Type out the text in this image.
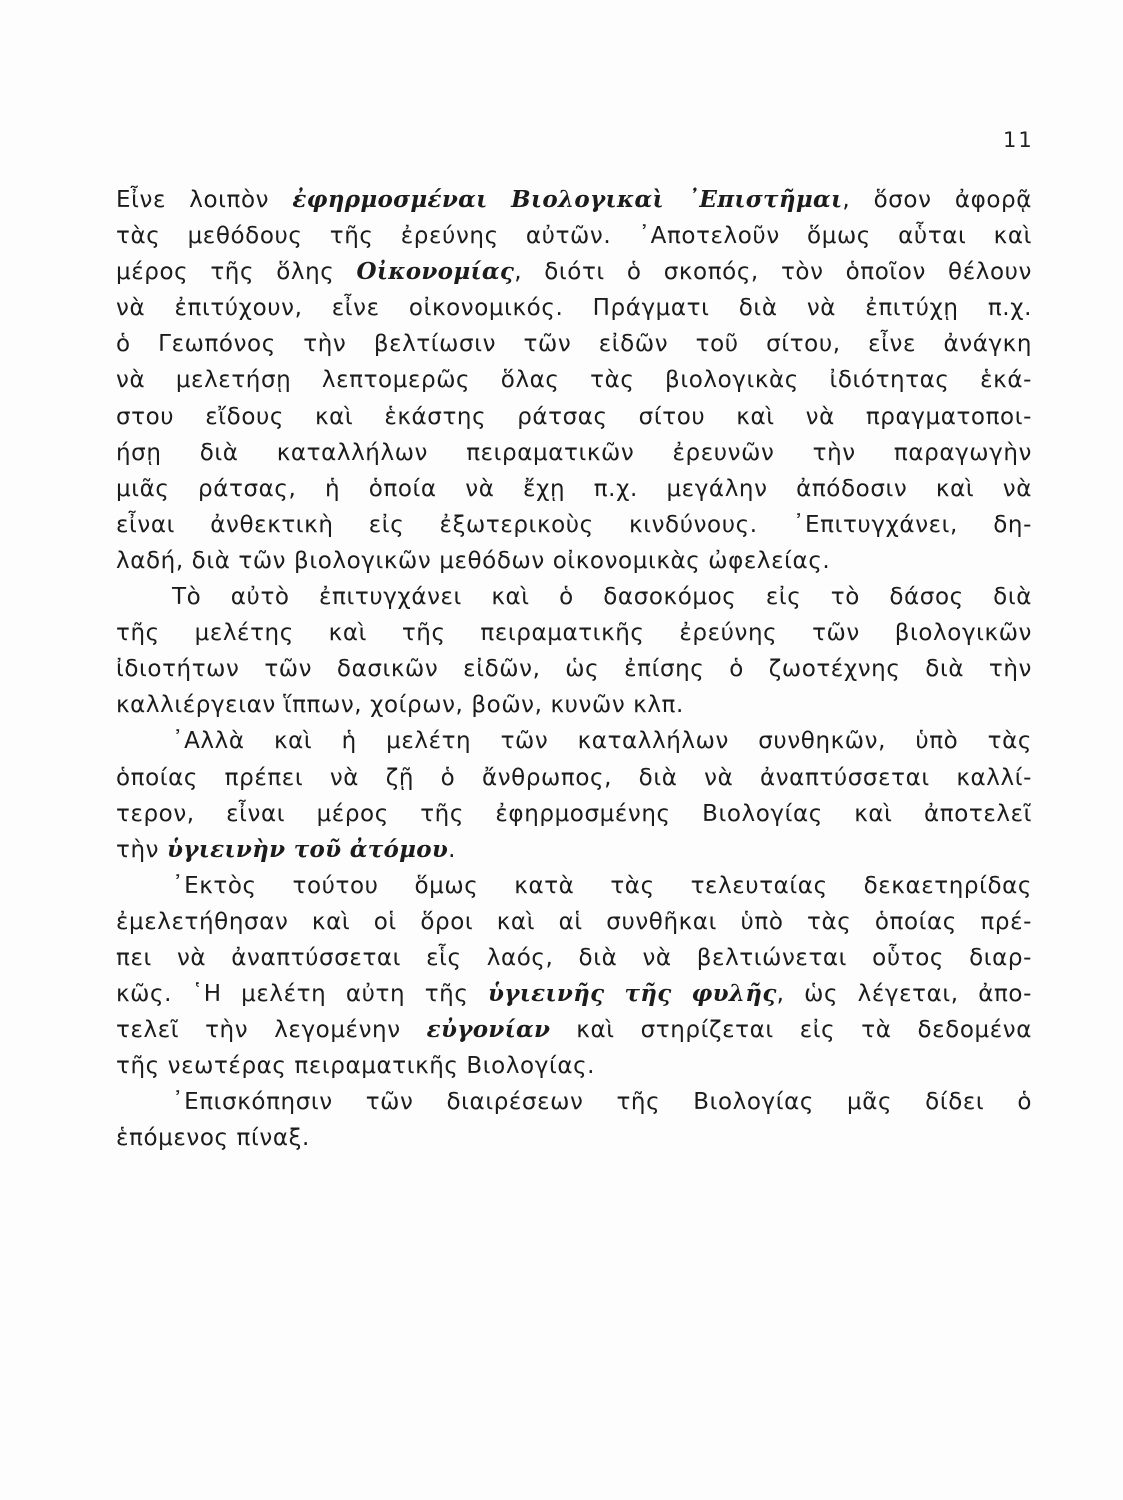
11
Εἶνε λοιπὸν ἐφηρμοσμέναι Βιολογικαὶ ᾿Επιστῆμαι, ὅσον ἀφορᾷ
τὰς μεθόδους τῆς ἐρεύνης αὐτῶν. ᾿Αποτελοῦν ὅμως αὗται καὶ
μέρος τῆς ὅλης Οἰκονομίας, διότι ὁ σκοπός, τὸν ὁποῖον θέλουν
νὰ ἐπιτύχουν, εἶνε οἰκονομικός. Πράγματι διὰ νὰ ἐπιτύχῃ π.χ.
ὁ Γεωπόνος τὴν βελτίωσιν τῶν εἰδῶν τοῦ σίτου, εἶνε ἀνάγκη
νὰ μελετήσῃ λεπτομερῶς ὅλας τὰς βιολογικὰς ἰδιότητας ἑκά-
στου εἴδους καὶ ἑκάστης ράτσας σίτου καὶ νὰ πραγματοποι-
ήσῃ διὰ καταλλήλων πειραματικῶν ἐρευνῶν τὴν παραγωγὴν
μιᾶς ράτσας, ἡ ὁποία νὰ ἔχῃ π.χ. μεγάλην ἀπόδοσιν καὶ νὰ
εἶναι ἀνθεκτικὴ εἰς ἐξωτερικοὺς κινδύνους. ᾿Επιτυγχάνει, δη-
λαδή, διὰ τῶν βιολογικῶν μεθόδων οἰκονομικὰς ὠφελείας.
Τὸ αὐτὸ ἐπιτυγχάνει καὶ ὁ δασοκόμος εἰς τὸ δάσος διὰ
τῆς μελέτης καὶ τῆς πειραματικῆς ἐρεύνης τῶν βιολογικῶν
ἰδιοτήτων τῶν δασικῶν εἰδῶν, ὡς ἐπίσης ὁ ζωοτέχνης διὰ τὴν
καλλιέργειαν ἵππων, χοίρων, βοῶν, κυνῶν κλπ.
᾿Αλλὰ καὶ ἡ μελέτη τῶν καταλλήλων συνθηκῶν, ὑπὸ τὰς
ὁποίας πρέπει νὰ ζῇ ὁ ἄνθρωπος, διὰ νὰ ἀναπτύσσεται καλλί-
τερον, εἶναι μέρος τῆς ἐφηρμοσμένης Βιολογίας καὶ ἀποτελεῖ
τὴν ὑγιεινὴν τοῦ ἀτόμου.
᾿Εκτὸς τούτου ὅμως κατὰ τὰς τελευταίας δεκαετηρίδας
ἐμελετήθησαν καὶ οἱ ὅροι καὶ αἱ συνθῆκαι ὑπὸ τὰς ὁποίας πρέ-
πει νὰ ἀναπτύσσεται εἷς λαός, διὰ νὰ βελτιώνεται οὗτος διαρ-
κῶς. ῾Η μελέτη αὐτη τῆς ὑγιεινῆς τῆς φυλῆς, ὡς λέγεται, ἀπο-
τελεῖ τὴν λεγομένην εὐγονίαν καὶ στηρίζεται εἰς τὰ δεδομένα
τῆς νεωτέρας πειραματικῆς Βιολογίας.
᾿Επισκόπησιν τῶν διαιρέσεων τῆς Βιολογίας μᾶς δίδει ὁ
ἑπόμενος πίναξ.
